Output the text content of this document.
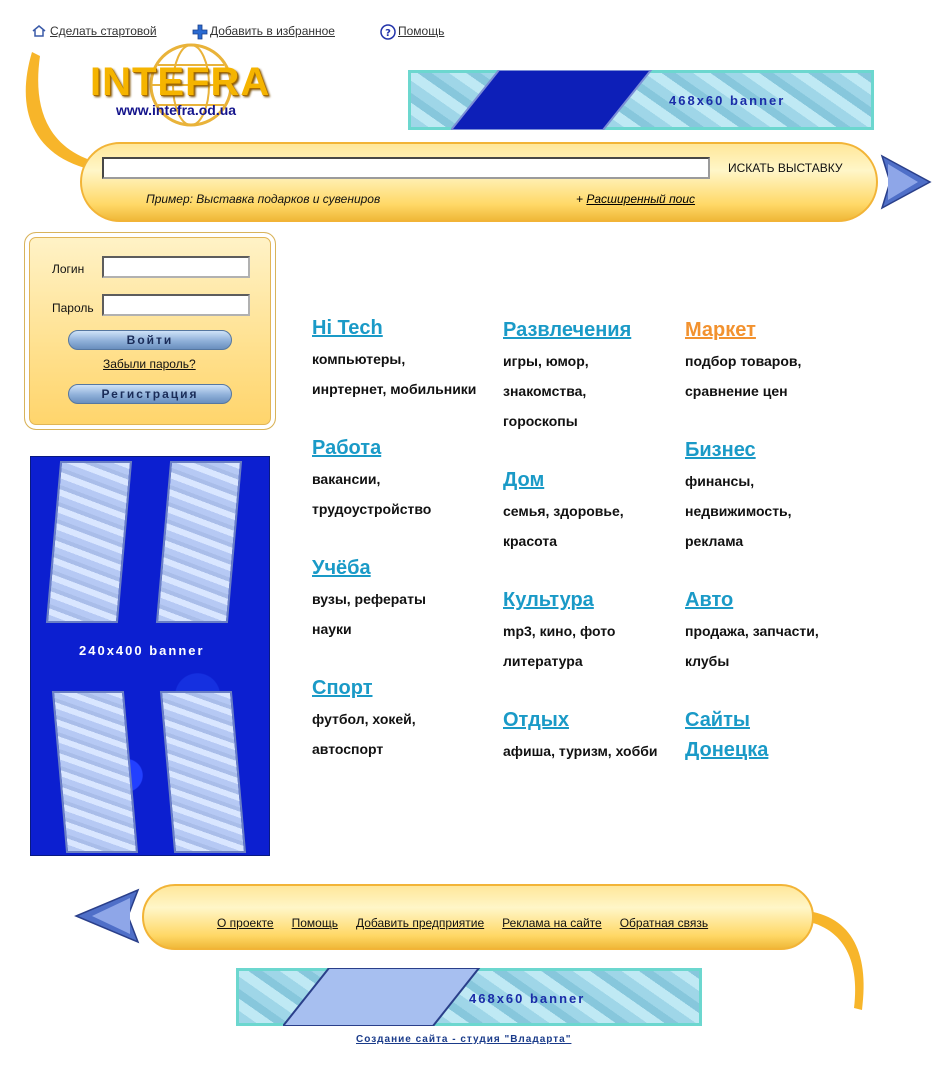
Сделать стартовой	Добавить в избранное	? Помощь
INTEFRA
www.intefra.od.ua
468x60 banner
ИСКАТЬ ВЫСТАВКУ
Пример: Выставка подарков и сувениров	+ Расширенный поис
Логин
Пароль
Войти
Забыли пароль?
Регистрация
240x400 banner
Hi Tech
компьютеры,
инртернет, мобильники
Работа
вакансии,
трудоустройство
Учёба
вузы, рефераты
науки
Спорт
футбол, хокей,
автоспорт
Развлечения
игры, юмор,
знакомства,
гороскопы
Дом
семья, здоровье,
красота
Культура
mp3, кино, фото
литература
Отдых
афиша, туризм, хобби
Маркет
подбор товаров,
сравнение цен
Бизнес
финансы,
недвижимость,
реклама
Авто
продажа, запчасти,
клубы
Сайты
Донецка
О проекте Помощь Добавить предприятие Реклама на сайте Обратная связь
468x60 banner
Создание сайта - студия "Владарта"
